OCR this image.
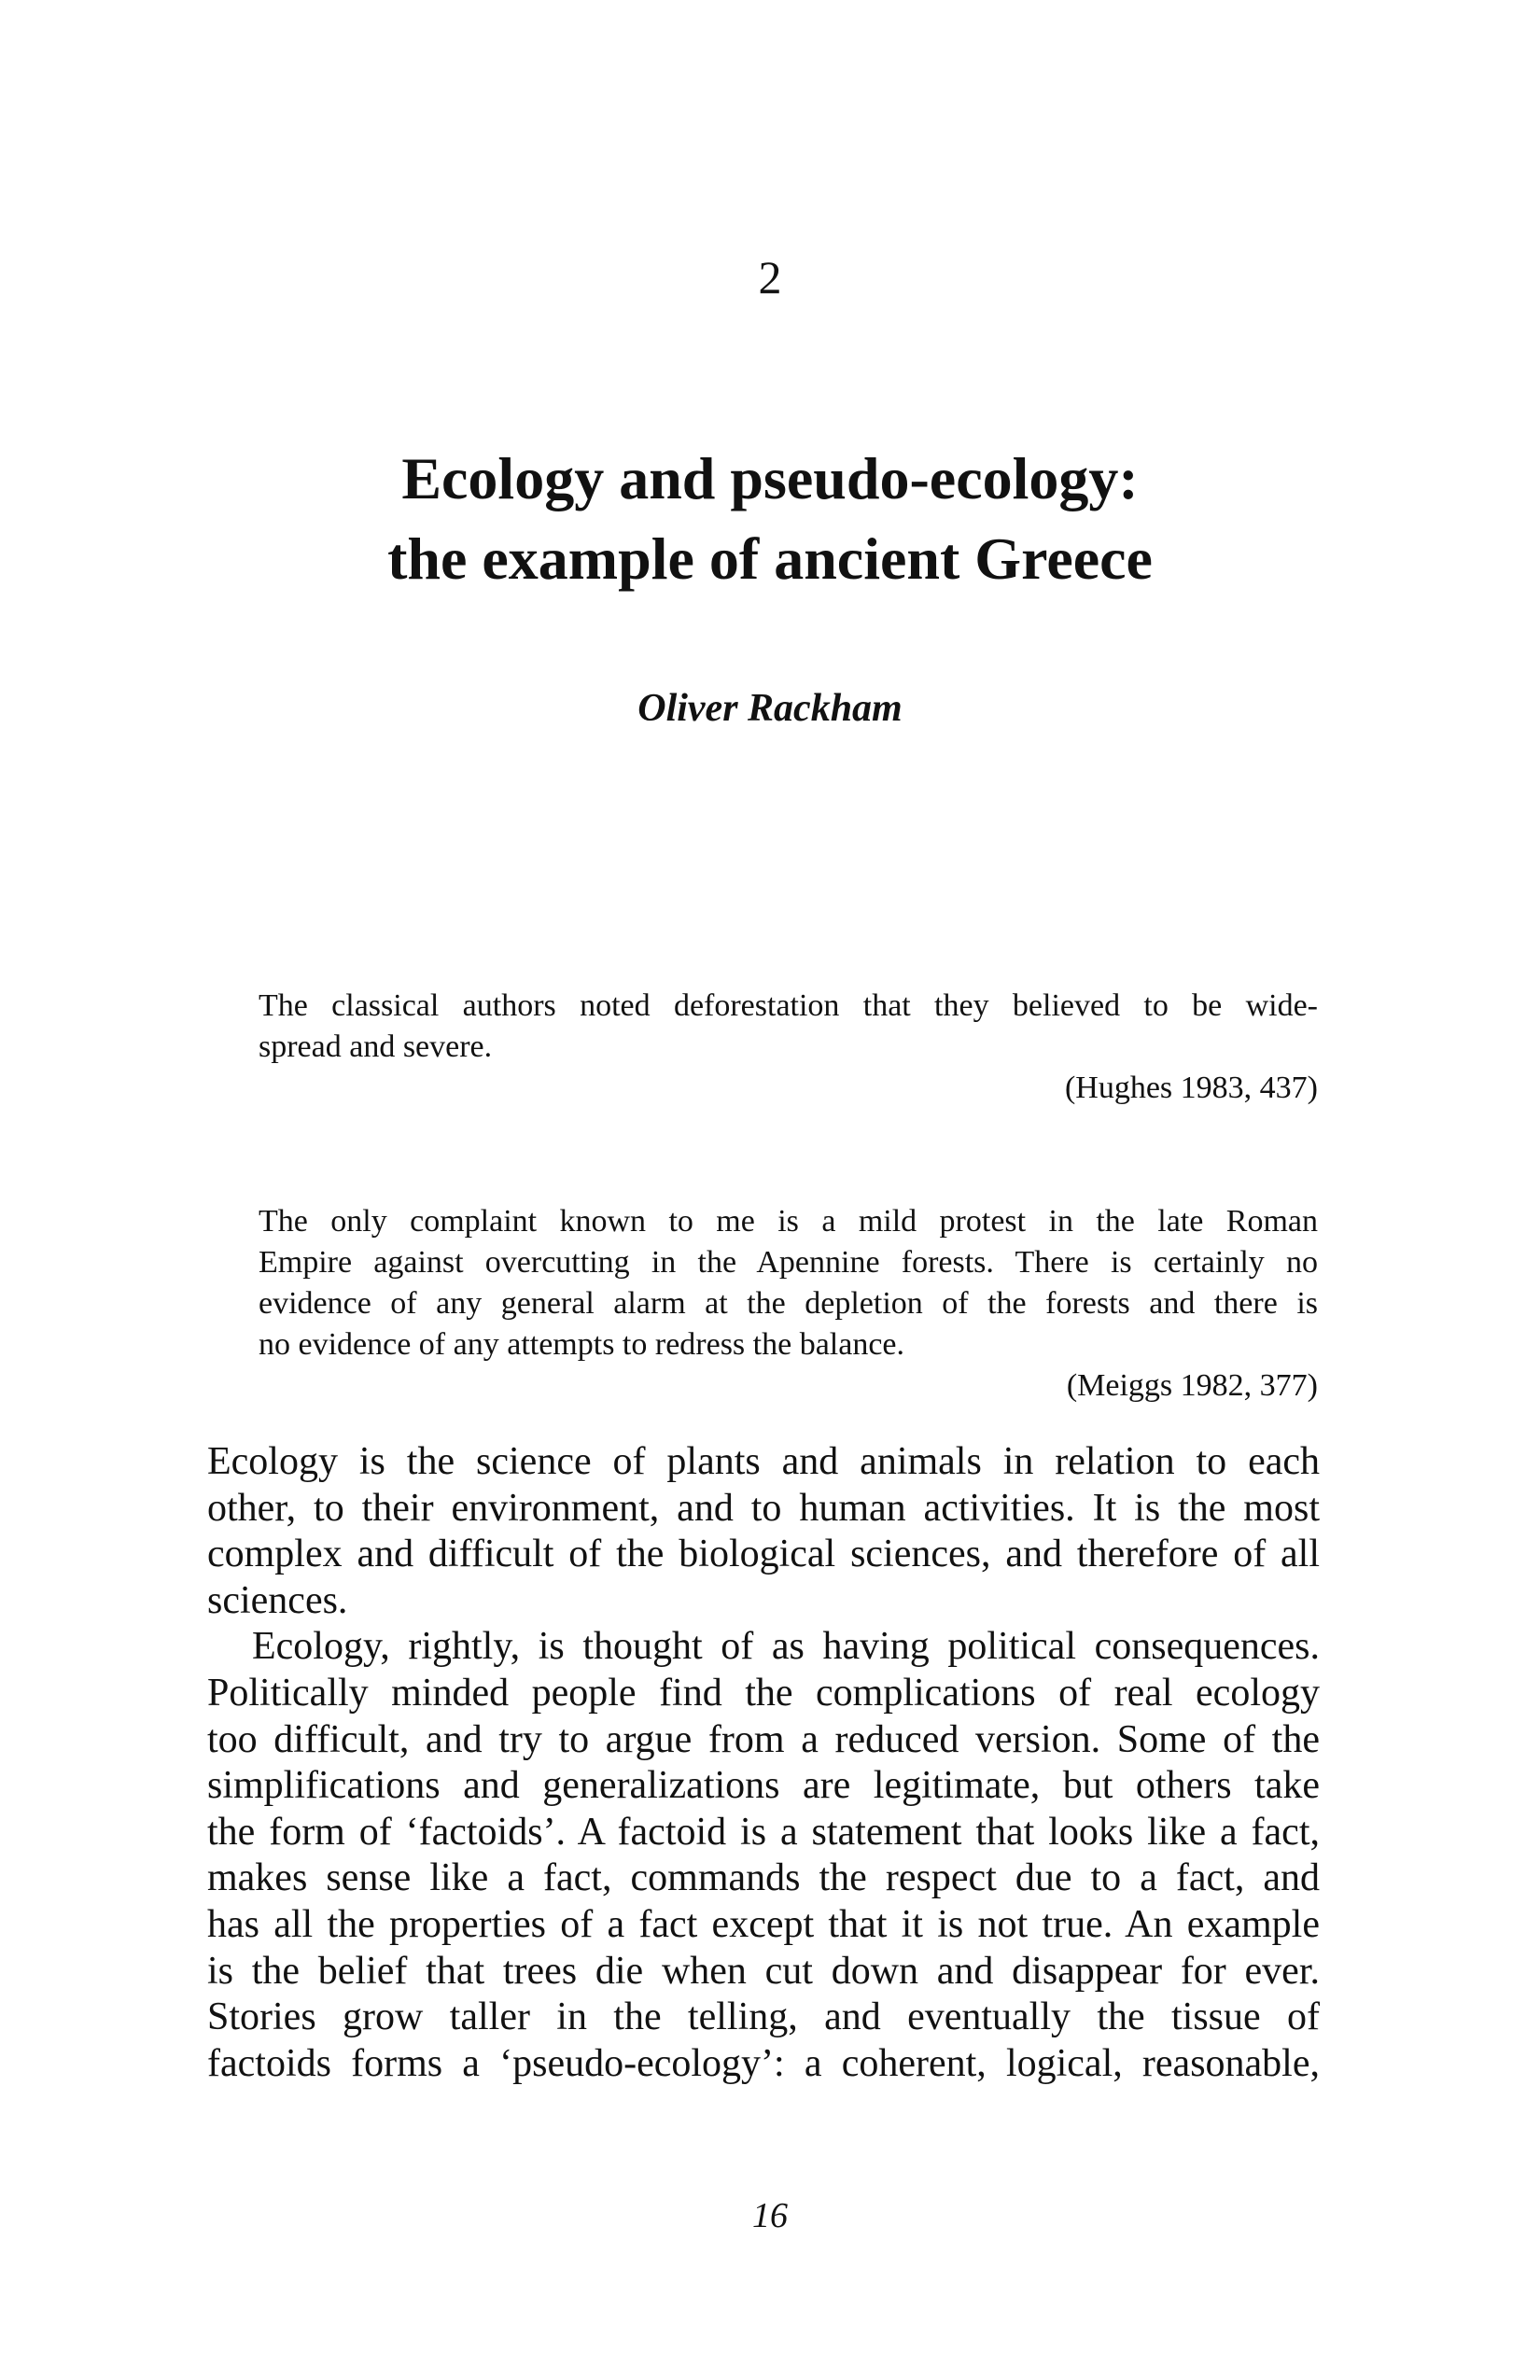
2
Ecology and pseudo-ecology:
the example of ancient Greece
Oliver Rackham
The classical authors noted deforestation that they believed to be wide-
spread and severe.
(Hughes 1983, 437)
The only complaint known to me is a mild protest in the late Roman
Empire against overcutting in the Apennine forests. There is certainly no
evidence of any general alarm at the depletion of the forests and there is
no evidence of any attempts to redress the balance.
(Meiggs 1982, 377)
Ecology is the science of plants and animals in relation to each
other, to their environment, and to human activities. It is the most
complex and difficult of the biological sciences, and therefore of all
sciences.
Ecology, rightly, is thought of as having political consequences.
Politically minded people find the complications of real ecology
too difficult, and try to argue from a reduced version. Some of the
simplifications and generalizations are legitimate, but others take
the form of ‘factoids’. A factoid is a statement that looks like a fact,
makes sense like a fact, commands the respect due to a fact, and
has all the properties of a fact except that it is not true. An example
is the belief that trees die when cut down and disappear for ever.
Stories grow taller in the telling, and eventually the tissue of
factoids forms a ‘pseudo-ecology’: a coherent, logical, reasonable,
16
